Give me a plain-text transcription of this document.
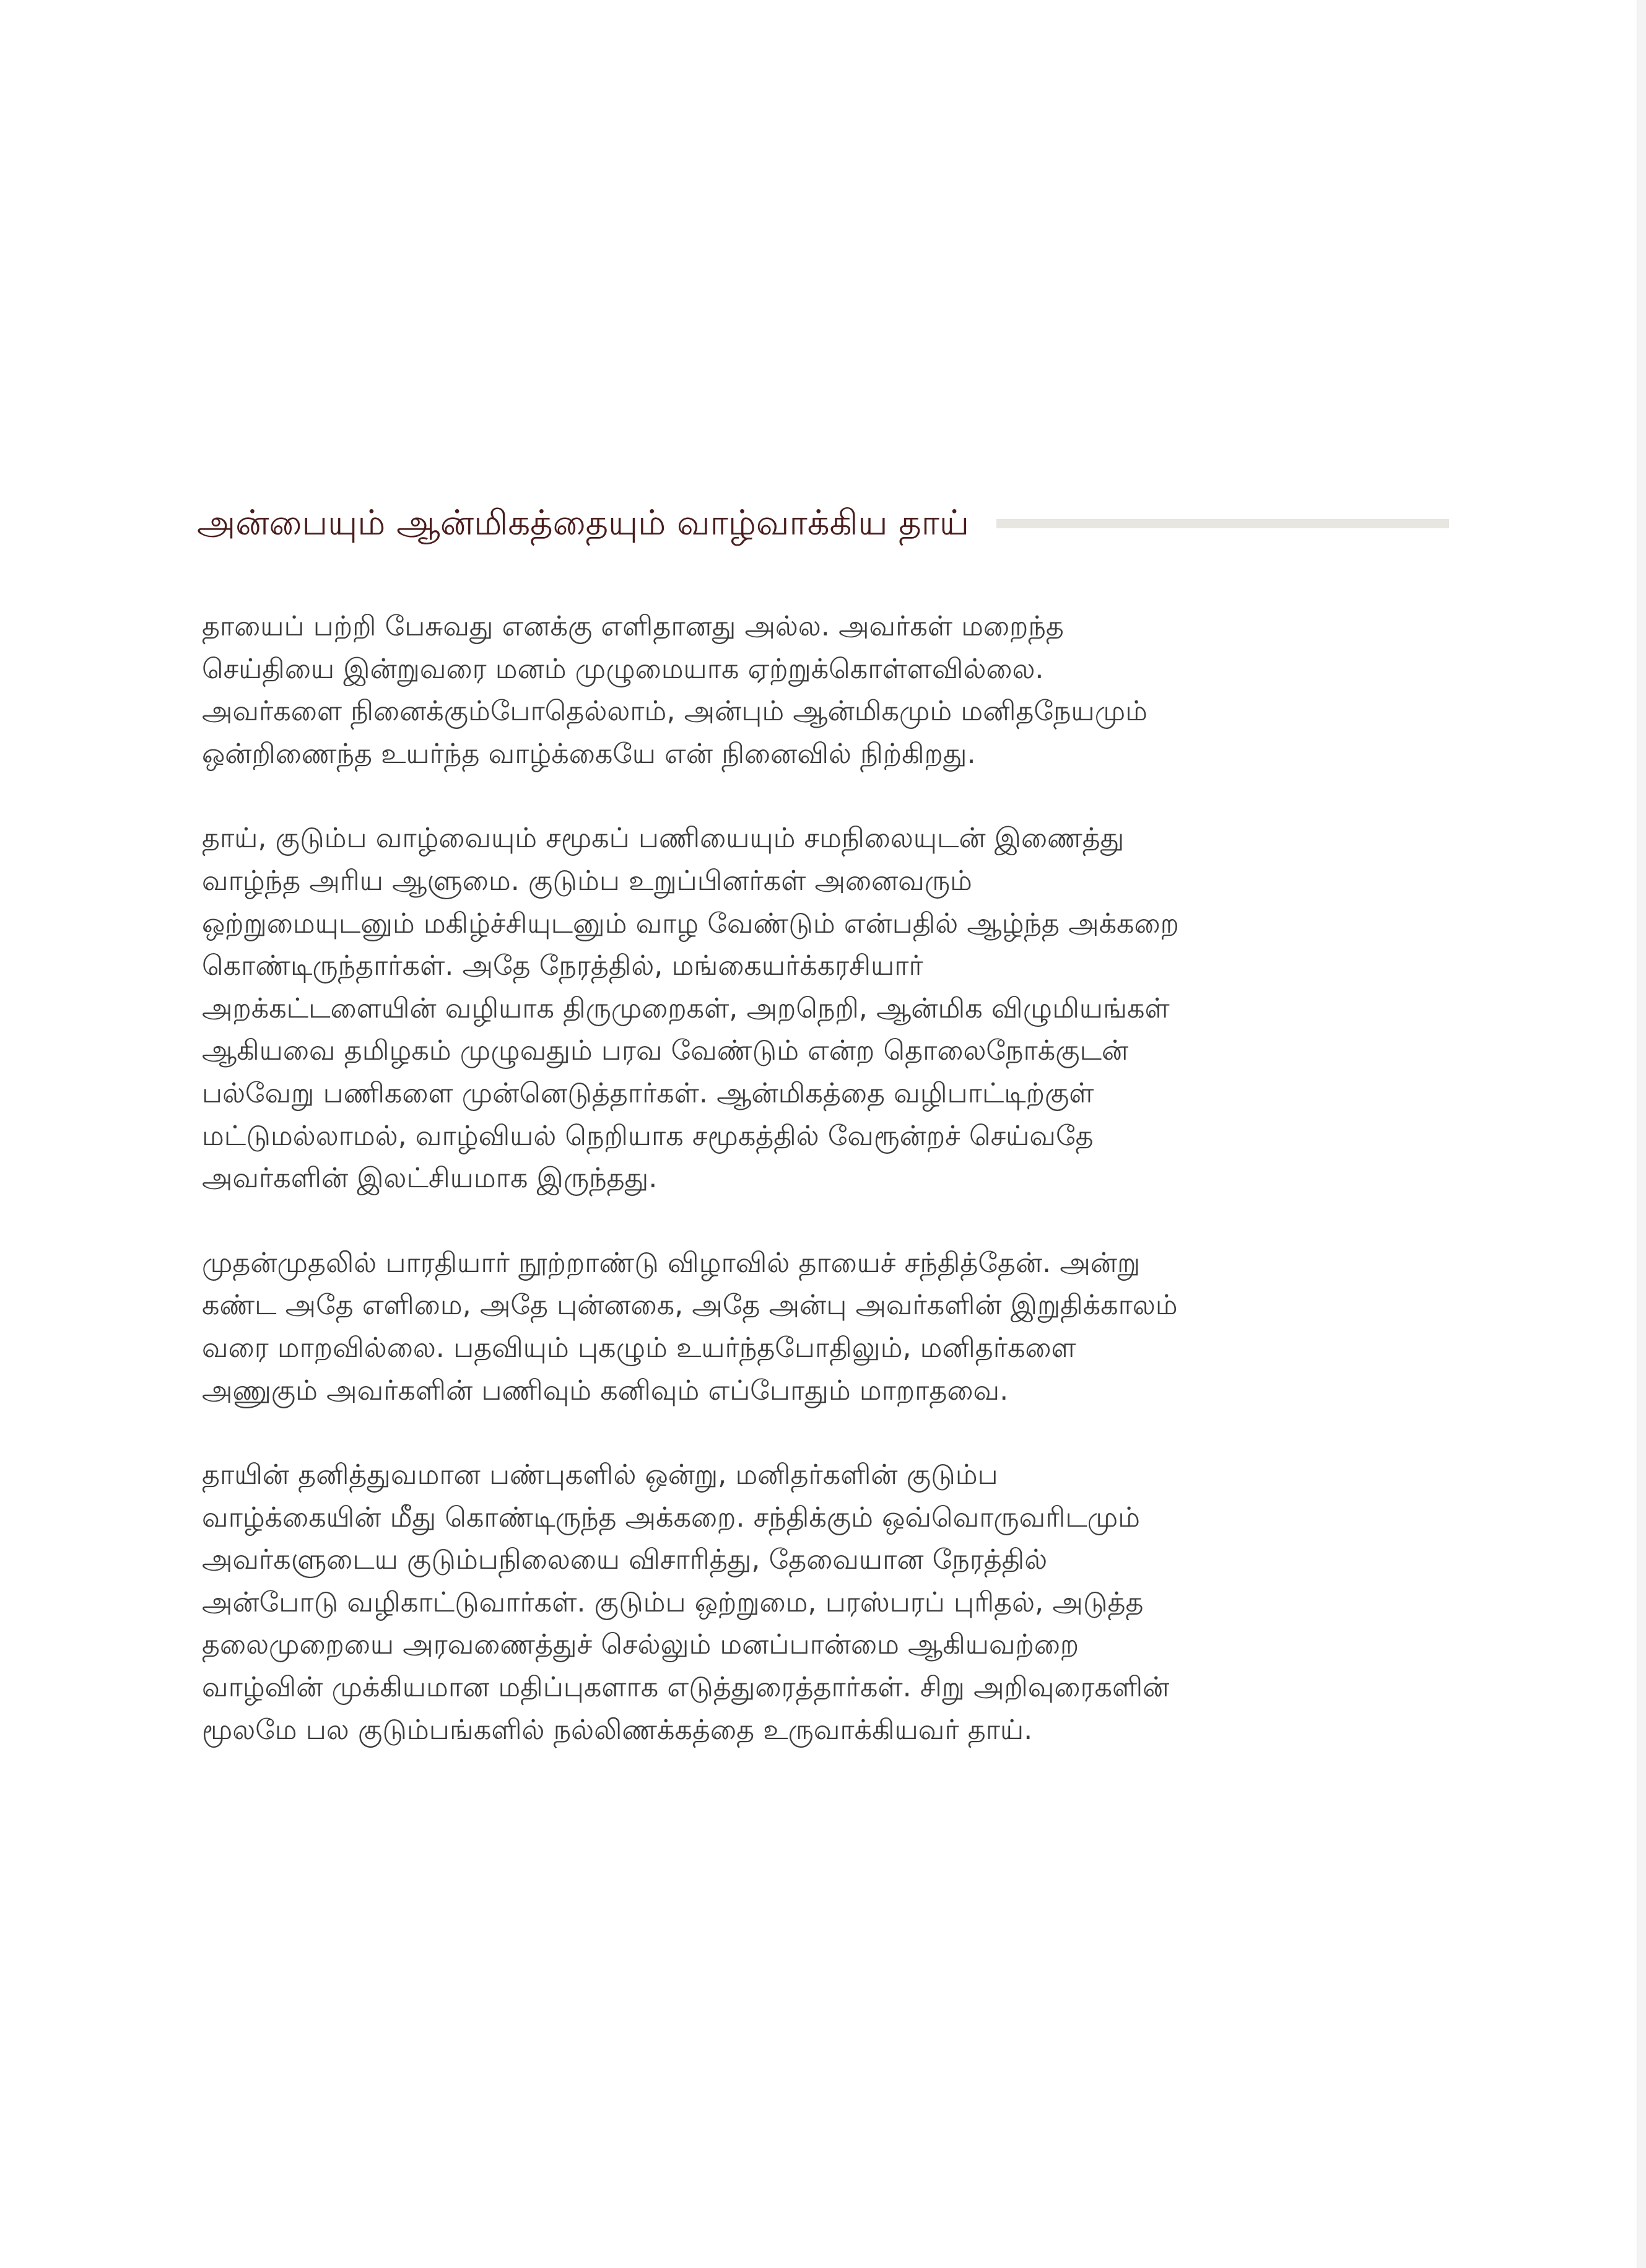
அன்பையும் ஆன்மிகத்தையும் வாழ்வாக்கிய தாய்

தாயைப் பற்றி பேசுவது எனக்கு எளிதானது அல்ல. அவர்கள் மறைந்த
செய்தியை இன்றுவரை மனம் முழுமையாக ஏற்றுக்கொள்ளவில்லை.
அவர்களை நினைக்கும்போதெல்லாம், அன்பும் ஆன்மிகமும் மனிதநேயமும்
ஒன்றிணைந்த உயர்ந்த வாழ்க்கையே என் நினைவில் நிற்கிறது.

தாய், குடும்ப வாழ்வையும் சமூகப் பணியையும் சமநிலையுடன் இணைத்து
வாழ்ந்த அரிய ஆளுமை. குடும்ப உறுப்பினர்கள் அனைவரும்
ஒற்றுமையுடனும் மகிழ்ச்சியுடனும் வாழ வேண்டும் என்பதில் ஆழ்ந்த அக்கறை
கொண்டிருந்தார்கள். அதே நேரத்தில், மங்கையர்க்கரசியார்
அறக்கட்டளையின் வழியாக திருமுறைகள், அறநெறி, ஆன்மிக விழுமியங்கள்
ஆகியவை தமிழகம் முழுவதும் பரவ வேண்டும் என்ற தொலைநோக்குடன்
பல்வேறு பணிகளை முன்னெடுத்தார்கள். ஆன்மிகத்தை வழிபாட்டிற்குள்
மட்டுமல்லாமல், வாழ்வியல் நெறியாக சமூகத்தில் வேரூன்றச் செய்வதே
அவர்களின் இலட்சியமாக இருந்தது.

முதன்முதலில் பாரதியார் நூற்றாண்டு விழாவில் தாயைச் சந்தித்தேன். அன்று
கண்ட அதே எளிமை, அதே புன்னகை, அதே அன்பு அவர்களின் இறுதிக்காலம்
வரை மாறவில்லை. பதவியும் புகழும் உயர்ந்தபோதிலும், மனிதர்களை
அணுகும் அவர்களின் பணிவும் கனிவும் எப்போதும் மாறாதவை.

தாயின் தனித்துவமான பண்புகளில் ஒன்று, மனிதர்களின் குடும்ப
வாழ்க்கையின் மீது கொண்டிருந்த அக்கறை. சந்திக்கும் ஒவ்வொருவரிடமும்
அவர்களுடைய குடும்பநிலையை விசாரித்து, தேவையான நேரத்தில்
அன்போடு வழிகாட்டுவார்கள். குடும்ப ஒற்றுமை, பரஸ்பரப் புரிதல், அடுத்த
தலைமுறையை அரவணைத்துச் செல்லும் மனப்பான்மை ஆகியவற்றை
வாழ்வின் முக்கியமான மதிப்புகளாக எடுத்துரைத்தார்கள். சிறு அறிவுரைகளின்
மூலமே பல குடும்பங்களில் நல்லிணக்கத்தை உருவாக்கியவர் தாய்.
